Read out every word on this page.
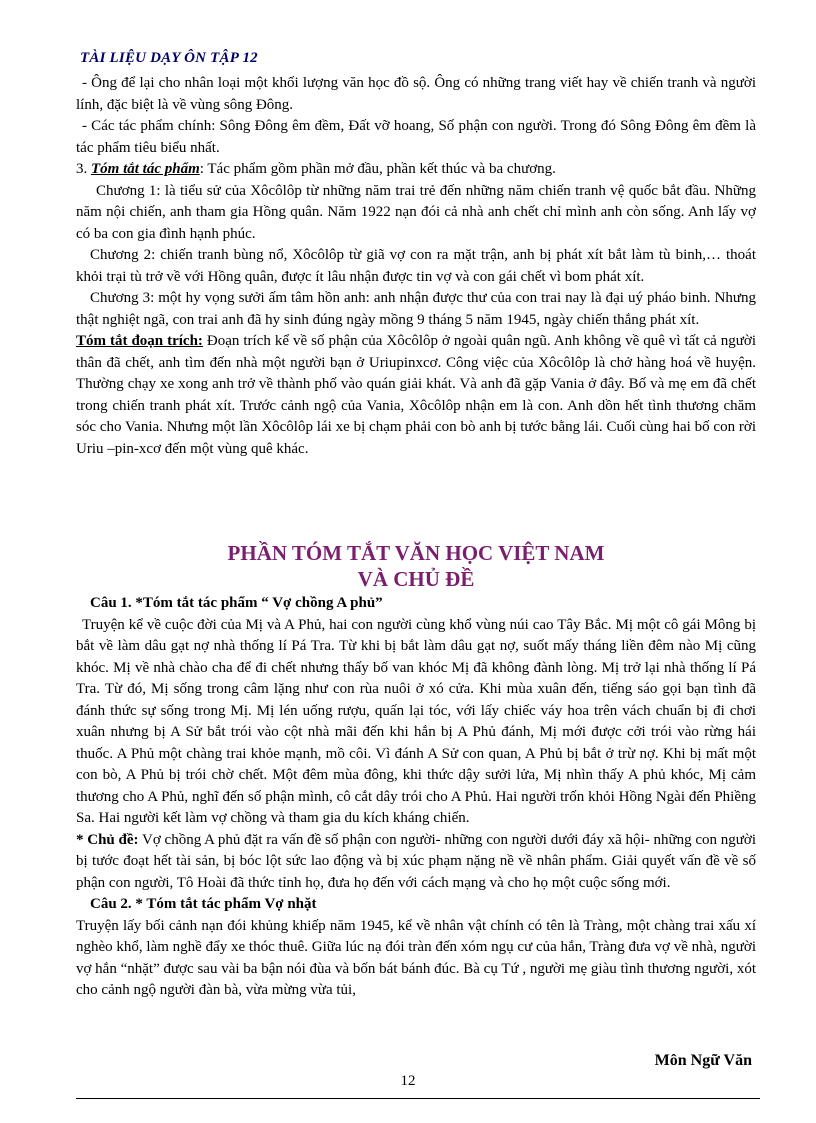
TÀI LIỆU DẠY ÔN TẬP 12

- Ông để lại cho nhân loại một khối lượng văn học đồ sộ. Ông có những trang viết hay về chiến tranh và người lính, đặc biệt là về vùng sông Đông.

- Các tác phẩm chính: Sông Đông êm đềm, Đất vỡ hoang, Số phận con người. Trong đó Sông Đông êm đềm là tác phẩm tiêu biểu nhất.

3. Tóm tắt tác phẩm: Tác phẩm gồm phần mở đầu, phần kết thúc và ba chương.

Chương 1: là tiểu sử của Xôcôlôp từ những năm trai trẻ đến những năm chiến tranh vệ quốc bắt đầu. Những năm nội chiến, anh tham gia Hồng quân. Năm 1922 nạn đói cả nhà anh chết chỉ mình anh còn sống. Anh lấy vợ có ba con gia đình hạnh phúc.

Chương 2: chiến tranh bùng nổ, Xôcôlôp từ giã vợ con ra mặt trận, anh bị phát xít bắt làm tù binh,… thoát khỏi trại tù trở về với Hồng quân, được ít lâu nhận được tin vợ và con gái chết vì bom phát xít.

Chương 3: một hy vọng sưởi ấm tâm hồn anh: anh nhận được thư của con trai nay là đại uý pháo binh. Nhưng thật nghiệt ngã, con trai anh đã hy sinh đúng ngày mồng 9 tháng 5 năm 1945, ngày chiến thắng phát xít.

Tóm tắt đoạn trích: Đoạn trích kể về số phận của Xôcôlôp ở ngoài quân ngũ. Anh không về quê vì tất cả người thân đã chết, anh tìm đến nhà một người bạn ở Uriupinxcơ. Công việc của Xôcôlôp là chở hàng hoá về huyện. Thường chạy xe xong anh trở về thành phố vào quán giải khát. Và anh đã gặp Vania ở đây. Bố và mẹ em đã chết trong chiến tranh phát xít. Trước cảnh ngộ của Vania, Xôcôlôp nhận em là con. Anh dồn hết tình thương chăm sóc cho Vania. Nhưng một lần Xôcôlôp lái xe bị chạm phải con bò anh bị tước bằng lái. Cuối cùng hai bố con rời Uriu –pin-xcơ đến một vùng quê khác.

PHẦN TÓM TẮT VĂN HỌC VIỆT NAM
VÀ CHỦ ĐỀ

Câu 1. *Tóm tắt tác phẩm “ Vợ chồng A phủ”

Truyện kể về cuộc đời của Mị và A Phủ, hai con người cùng khổ vùng núi cao Tây Bắc. Mị một cô gái Mông bị bắt về làm dâu gạt nợ nhà thống lí Pá Tra. Từ khi bị bắt làm dâu gạt nợ, suốt mấy tháng liền đêm nào Mị cũng khóc. Mị về nhà chào cha để đi chết nhưng thấy bố van khóc Mị đã không đành lòng. Mị trở lại nhà thống lí Pá Tra. Từ đó, Mị sống trong câm lặng như con rùa nuôi ở xó cửa. Khi mùa xuân đến, tiếng sáo gọi bạn tình đã đánh thức sự sống trong Mị. Mị lén uống rượu, quấn lại tóc, với lấy chiếc váy hoa trên vách chuẩn bị đi chơi xuân nhưng bị A Sử bắt trói vào cột nhà mãi đến khi hắn bị A Phủ đánh, Mị mới được cởi trói vào rừng hái thuốc. A Phủ một chàng trai khỏe mạnh, mồ côi. Vì đánh A Sử con quan, A Phủ bị bắt ở trừ nợ. Khi bị mất một con bò, A Phủ bị trói chờ chết. Một đêm mùa đông, khi thức dậy sưởi lửa, Mị nhìn thấy A phủ khóc, Mị cảm thương cho A Phủ, nghĩ đến số phận mình, cô cắt dây trói cho A Phủ. Hai người trốn khỏi Hồng Ngài đến Phiềng Sa. Hai người kết làm vợ chồng và tham gia du kích kháng chiến.

* Chủ đề: Vợ chồng A phủ đặt ra vấn đề số phận con người- những con người dưới đáy xã hội- những con người bị tước đoạt hết tài sản, bị bóc lột sức lao động và bị xúc phạm nặng nề về nhân phẩm. Giải quyết vấn đề về số phận con người, Tô Hoài đã thức tỉnh họ, đưa họ đến với cách mạng và cho họ một cuộc sống mới.

Câu 2. * Tóm tắt tác phẩm Vợ nhặt

Truyện lấy bối cảnh nạn đói khủng khiếp năm 1945, kể về nhân vật chính có tên là Tràng, một chàng trai xấu xí nghèo khổ, làm nghề đẩy xe thóc thuê. Giữa lúc nạ đói tràn đến xóm ngụ cư của hắn, Tràng đưa vợ về nhà, người vợ hắn “nhặt” được sau vài ba bận nói đùa và bốn bát bánh đúc. Bà cụ Tứ , người mẹ giàu tình thương người, xót cho cảnh ngộ người đàn bà, vừa mừng vừa tủi,

Môn Ngữ Văn
12
